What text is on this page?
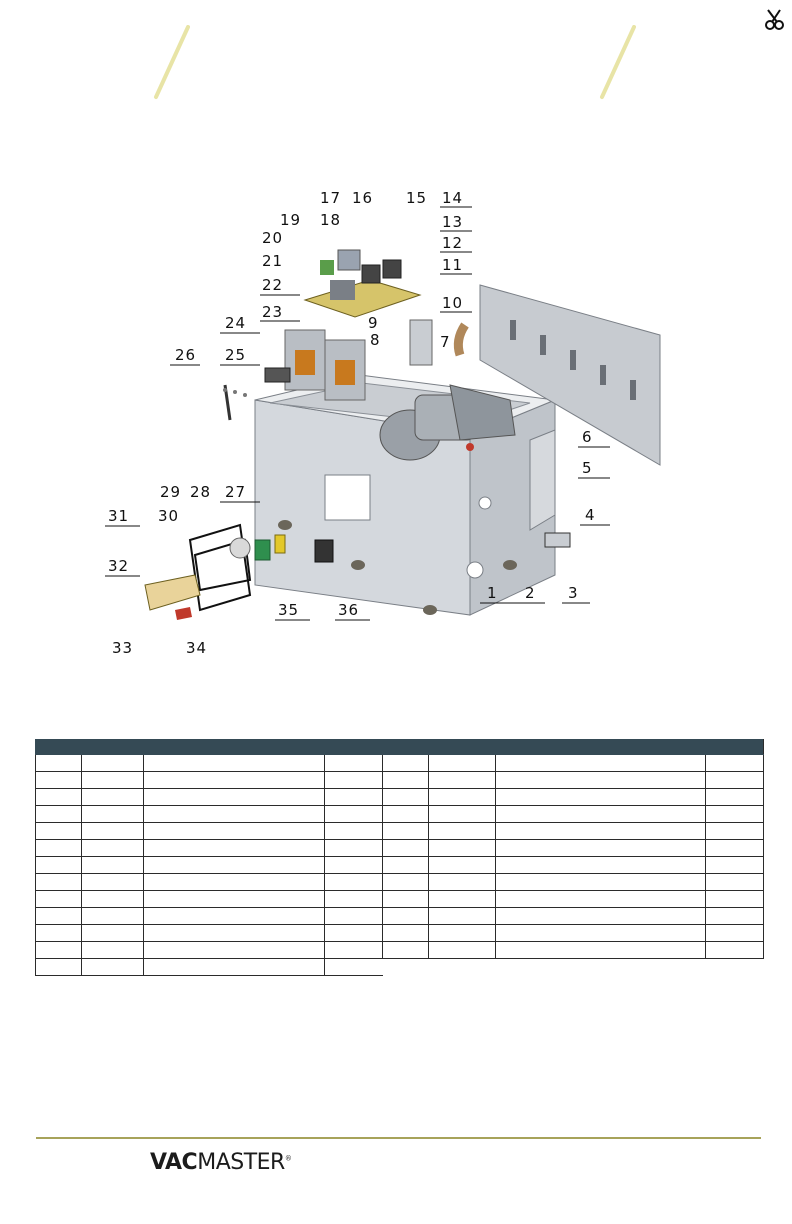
1 2 3
4
5
6
7
8
9
10
11
12
13
14
15
16
17
18
19
20
21
22
23
24
25
26
27
28
29
30
31
32
33	34
35	36

VACMASTER®
